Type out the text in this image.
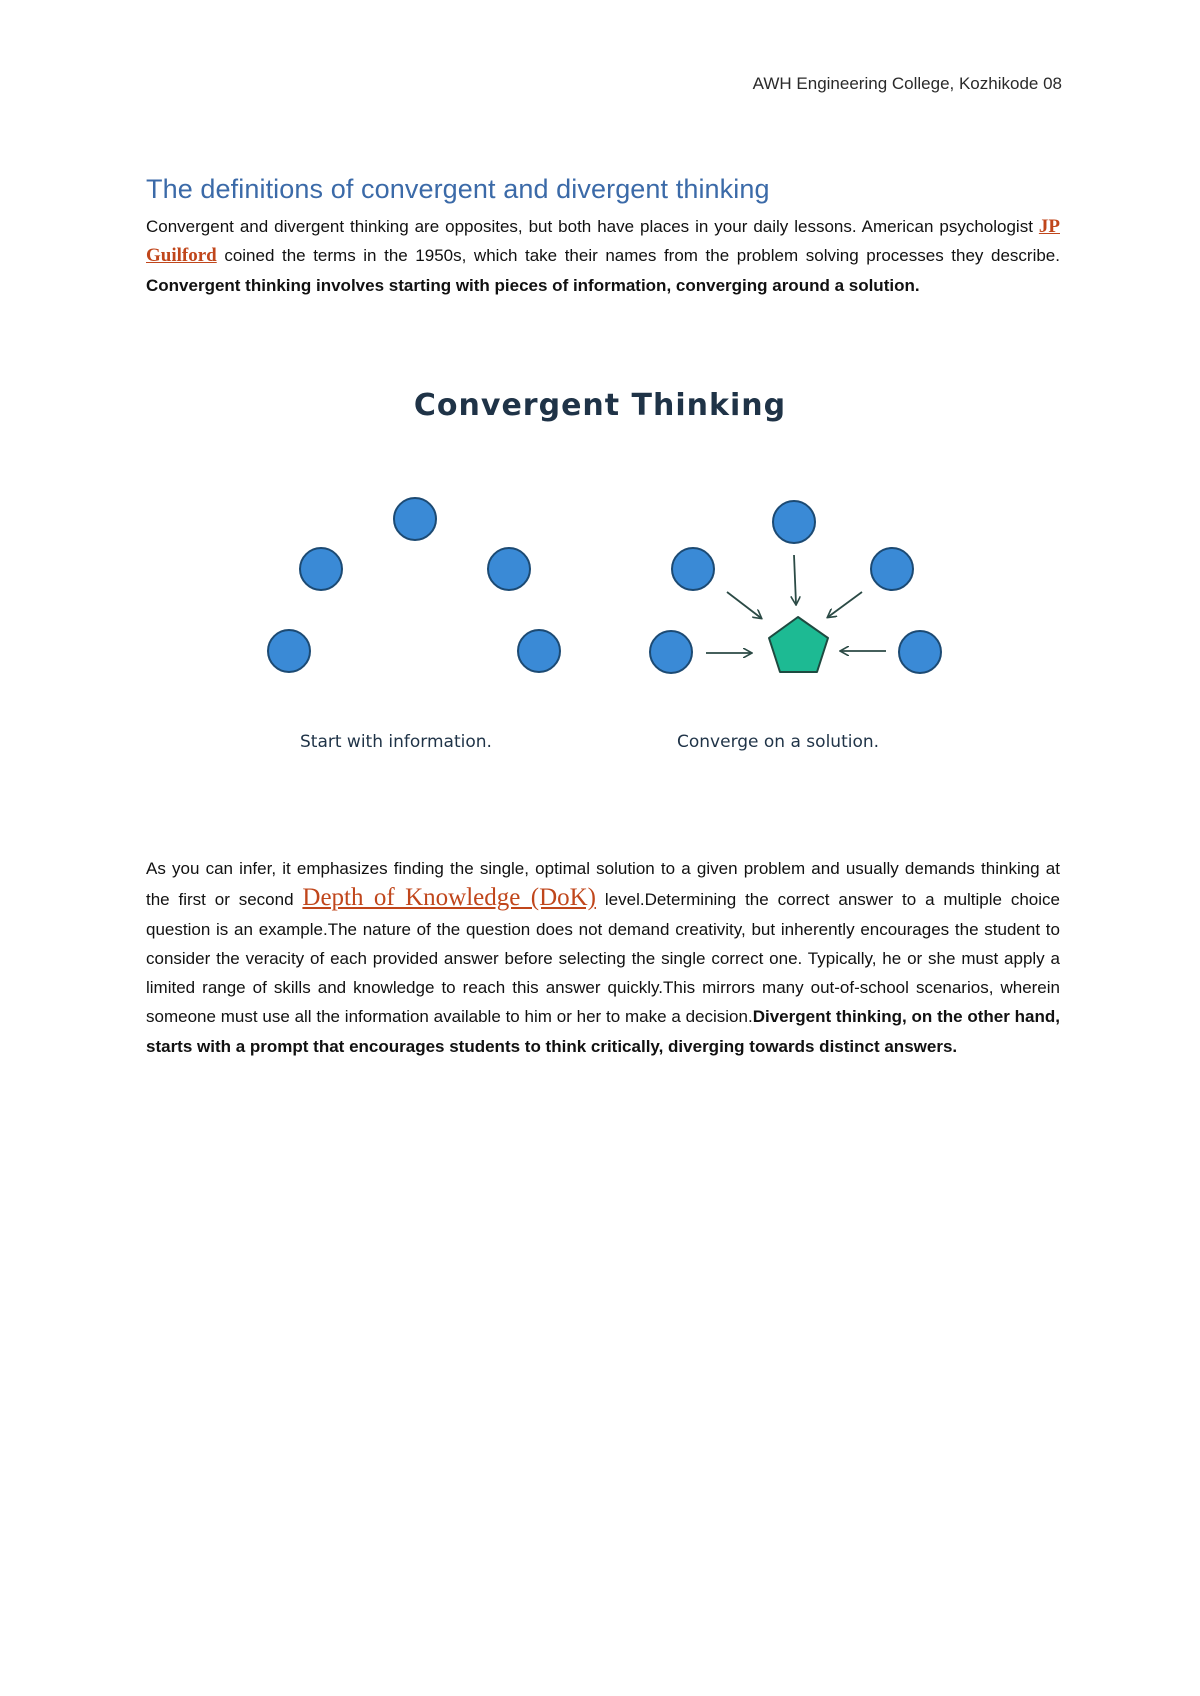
AWH Engineering College, Kozhikode 08
The definitions of convergent and divergent thinking

Convergent and divergent thinking are opposites, but both have places in your daily lessons. American psychologist JP Guilford coined the terms in the 1950s, which take their names from the problem solving processes they describe. Convergent thinking involves starting with pieces of information, converging around a solution.

Convergent Thinking
Start with information.	Converge on a solution.

As you can infer, it emphasizes finding the single, optimal solution to a given problem and usually demands thinking at the first or second Depth of Knowledge (DoK) level.Determining the correct answer to a multiple choice question is an example.The nature of the question does not demand creativity, but inherently encourages the student to consider the veracity of each provided answer before selecting the single correct one. Typically, he or she must apply a limited range of skills and knowledge to reach this answer quickly.This mirrors many out-of-school scenarios, wherein someone must use all the information available to him or her to make a decision.Divergent thinking, on the other hand, starts with a prompt that encourages students to think critically, diverging towards distinct answers.
